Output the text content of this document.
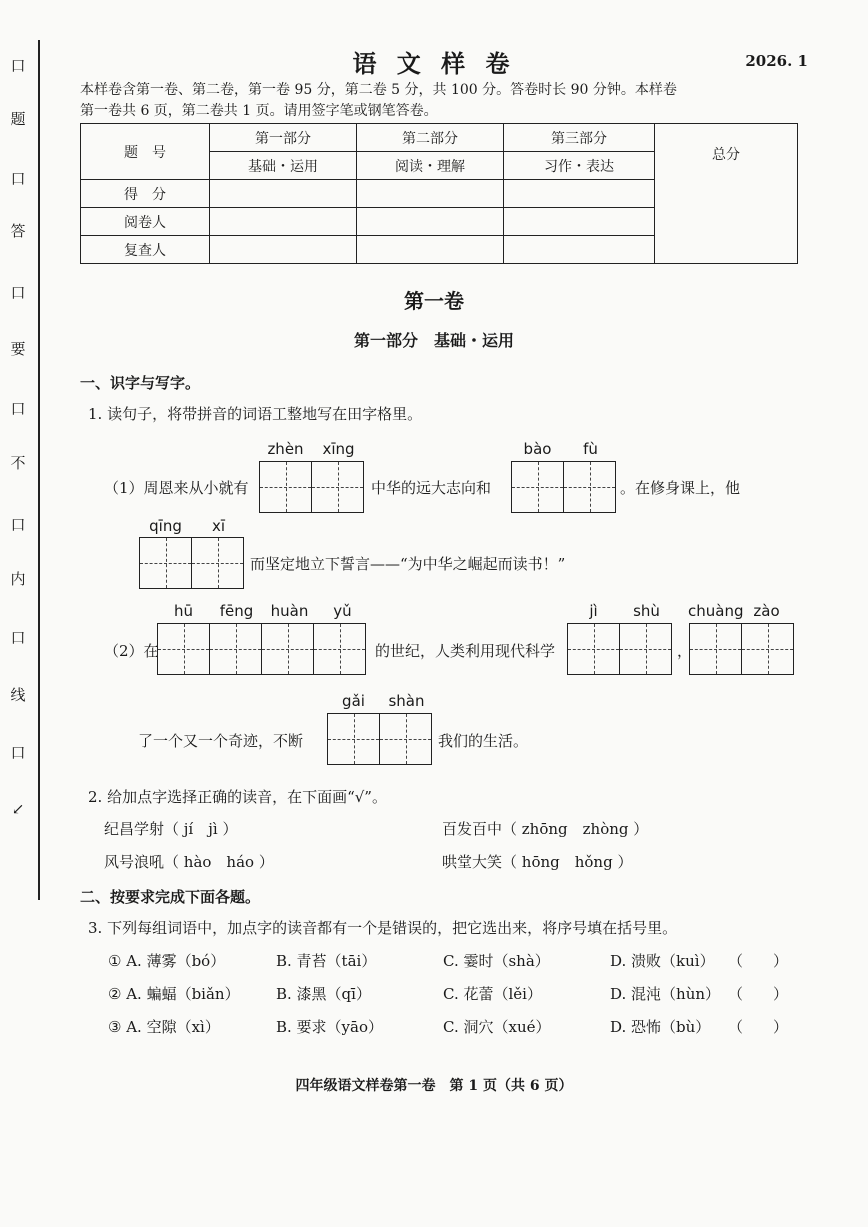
口
题
口
答
口
要
口
不
口
内
口
线
口
↙
语 文 样 卷	2026. 1
本样卷含第一卷、第二卷，第一卷 95 分，第二卷 5 分，共 100 分。答卷时长 90 分钟。本样卷
第一卷共 6 页，第二卷共 1 页。请用签字笔或钢笔答卷。
题　号	第一部分	第二部分	第三部分	总分
	基础・运用	阅读・理解	习作・表达	
得　分				
阅卷人				
复查人				
第一卷
第一部分　基础・运用
一、识字与写字。
1. 读句子，将带拼音的词语工整地写在田字格里。
zhèn	xīng
（1）周恩来从小就有	中华的远大志向和
bào	fù
。在修身课上，他
qīng	xī
而坚定地立下誓言——“为中华之崛起而读书！”
hū	fēng	huàn	yǔ
（2）在	的世纪，人类利用现代科学
jì	shù
，
chuàng zào
gǎi	shàn
了一个又一个奇迹，不断	我们的生活。
2. 给加点字选择正确的读音，在下面画“√”。
纪昌学射（ jí　jì ）	百发百中（ zhōng　zhòng ）
风号浪吼（ hào　háo ）	哄堂大笑（ hōng　hǒng ）
二、按要求完成下面各题。
3. 下列每组词语中，加点字的读音都有一个是错误的，把它选出来，将序号填在括号里。
① A. 薄雾（bó）	B. 青苔（tāi）	C. 霎时（shà）	D. 溃败（kuì） （　　）
② A. 蝙蝠（biǎn） B. 漆黑（qī）	C. 花蕾（lěi）	D. 混沌（hùn） （　　）
③ A. 空隙（xì）	B. 要求（yāo）	C. 洞穴（xué）	D. 恐怖（bù） （　　）
四年级语文样卷第一卷　第 1 页（共 6 页）
